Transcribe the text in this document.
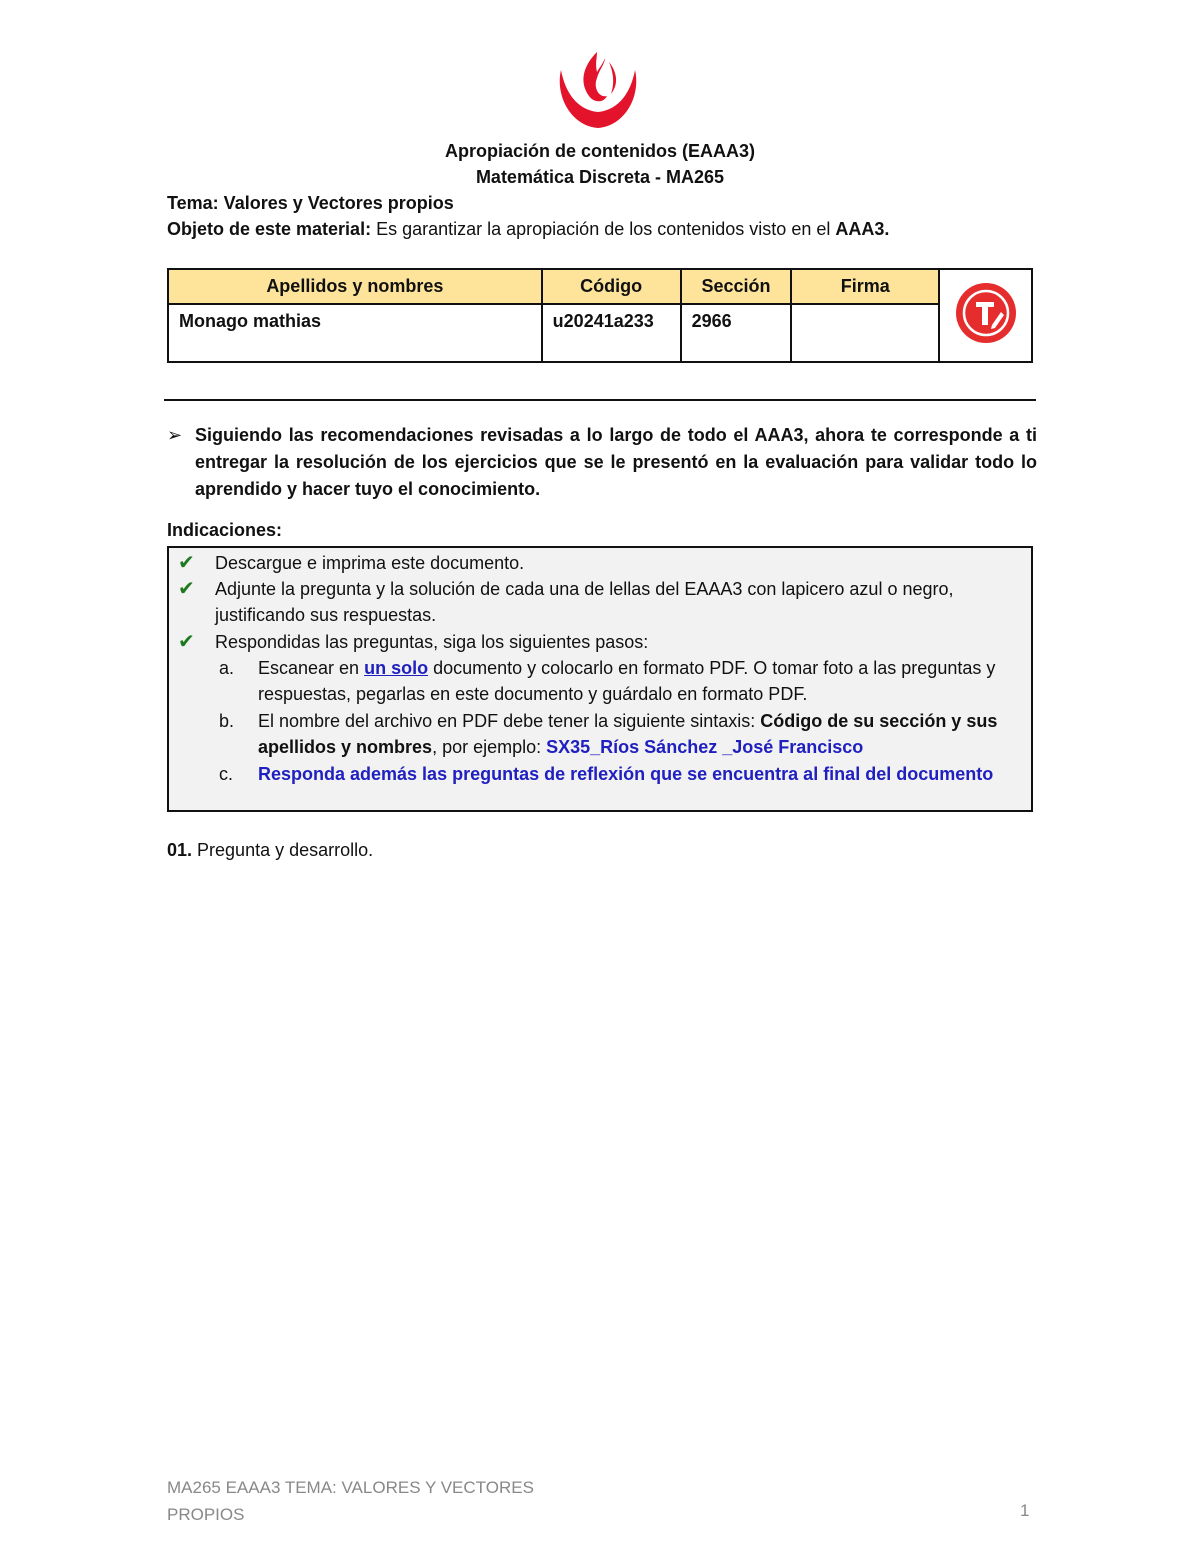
Apropiación de contenidos (EAAA3)
Matemática Discreta - MA265
Tema: Valores y Vectores propios
Objeto de este material: Es garantizar la apropiación de los contenidos visto en el AAA3.
Apellidos y nombres	Código	Sección	Firma	
Monago mathias	u20241a233	2966		
➢ Siguiendo las recomendaciones revisadas a lo largo de todo el AAA3, ahora te corresponde a ti entregar la resolución de los ejercicios que se le presentó en la evaluación para validar todo lo aprendido y hacer tuyo el conocimiento.
Indicaciones:
✔ Descargue e imprima este documento.
✔ Adjunte la pregunta y la solución de cada una de lellas del EAAA3 con lapicero azul o negro, justificando sus respuestas.
✔ Respondidas las preguntas, siga los siguientes pasos:
a. Escanear en un solo documento y colocarlo en formato PDF. O tomar foto a las preguntas y respuestas, pegarlas en este documento y guárdalo en formato PDF.
b. El nombre del archivo en PDF debe tener la siguiente sintaxis: Código de su sección y sus apellidos y nombres, por ejemplo: SX35_Ríos Sánchez _José Francisco
c. Responda además las preguntas de reflexión que se encuentra al final del documento
01. Pregunta y desarrollo.
MA265 EAAA3 TEMA: VALORES Y VECTORES PROPIOS	1
